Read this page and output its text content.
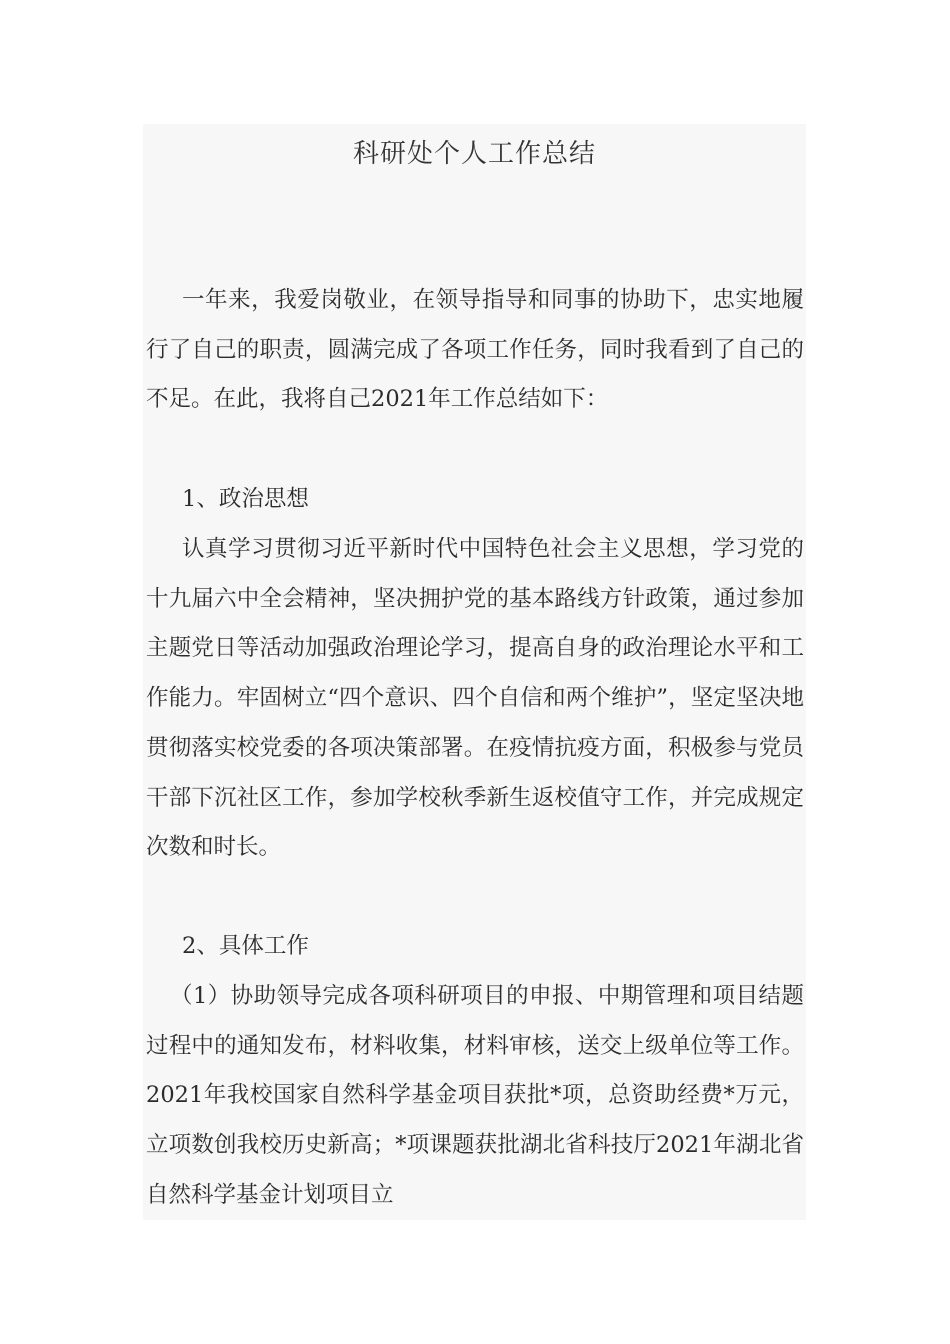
科研处个人工作总结

一年来，我爱岗敬业，在领导指导和同事的协助下，忠实地履行了自己的职责，圆满完成了各项工作任务，同时我看到了自己的不足。在此，我将自己2021年工作总结如下：

1、政治思想

认真学习贯彻习近平新时代中国特色社会主义思想，学习党的十九届六中全会精神，坚决拥护党的基本路线方针政策，通过参加主题党日等活动加强政治理论学习，提高自身的政治理论水平和工作能力。牢固树立“四个意识、四个自信和两个维护”，坚定坚决地贯彻落实校党委的各项决策部署。在疫情抗疫方面，积极参与党员干部下沉社区工作，参加学校秋季新生返校值守工作，并完成规定次数和时长。

2、具体工作

（1）协助领导完成各项科研项目的申报、中期管理和项目结题过程中的通知发布，材料收集，材料审核，送交上级单位等工作。2021年我校国家自然科学基金项目获批*项，总资助经费*万元，立项数创我校历史新高；*项课题获批湖北省科技厅2021年湖北省自然科学基金计划项目立
